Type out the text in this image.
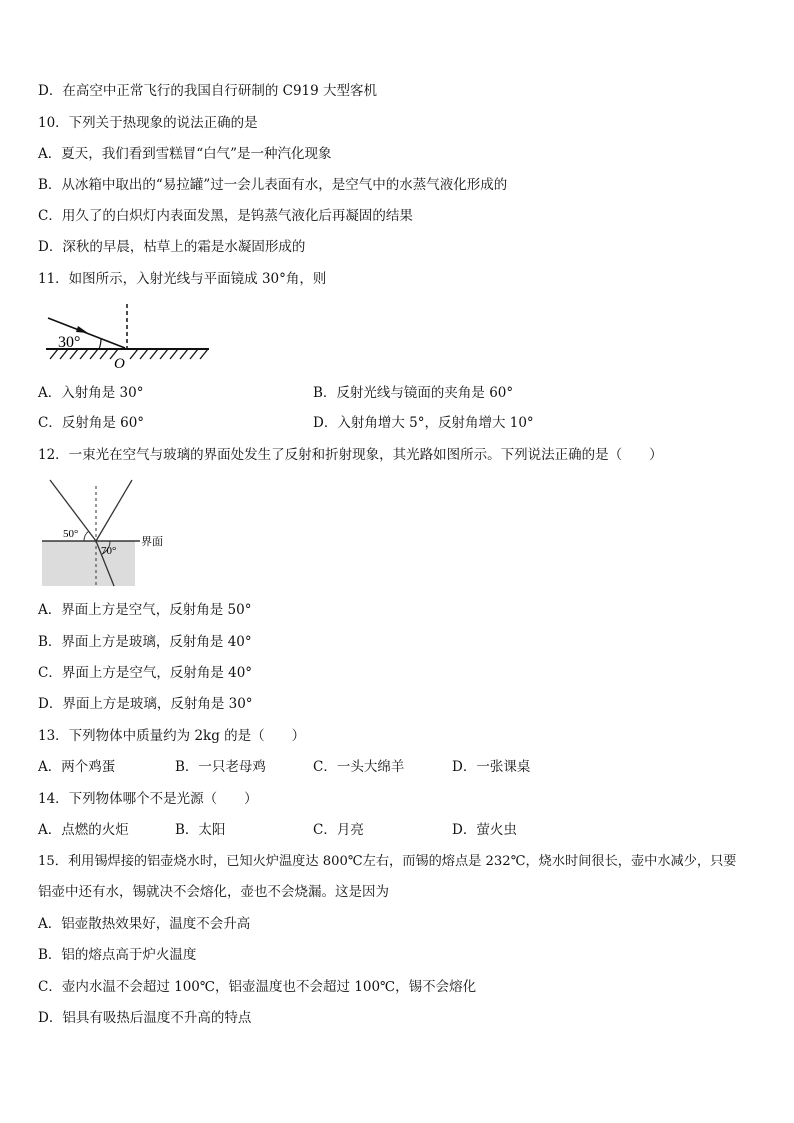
D．在高空中正常飞行的我国自行研制的 C919 大型客机
10．下列关于热现象的说法正确的是
A．夏天，我们看到雪糕冒“白气”是一种汽化现象
B．从冰箱中取出的“易拉罐”过一会儿表面有水，是空气中的水蒸气液化形成的
C．用久了的白炽灯内表面发黑，是钨蒸气液化后再凝固的结果
D．深秋的早晨，枯草上的霜是水凝固形成的
11．如图所示，入射光线与平面镜成 30°角，则
30°
O
A．入射角是 30°	B．反射光线与镜面的夹角是 60°
C．反射角是 60°	D．入射角增大 5°，反射角增大 10°
12．一束光在空气与玻璃的界面处发生了反射和折射现象，其光路如图所示。下列说法正确的是（　　）
50°
70°
界面
A．界面上方是空气，反射角是 50°
B．界面上方是玻璃，反射角是 40°
C．界面上方是空气，反射角是 40°
D．界面上方是玻璃，反射角是 30°
13．下列物体中质量约为 2kg 的是（　　）
A．两个鸡蛋	B．一只老母鸡	C．一头大绵羊	D．一张课桌
14．下列物体哪个不是光源（　　）
A．点燃的火炬	B．太阳	C．月亮	D．萤火虫
15．利用锡焊接的铝壶烧水时，已知火炉温度达 800℃左右，而锡的熔点是 232℃，烧水时间很长，壶中水减少，只要
铝壶中还有水，锡就决不会熔化，壶也不会烧漏。这是因为
A．铝壶散热效果好，温度不会升高
B．铝的熔点高于炉火温度
C．壶内水温不会超过 100℃，铝壶温度也不会超过 100℃，锡不会熔化
D．铝具有吸热后温度不升高的特点
